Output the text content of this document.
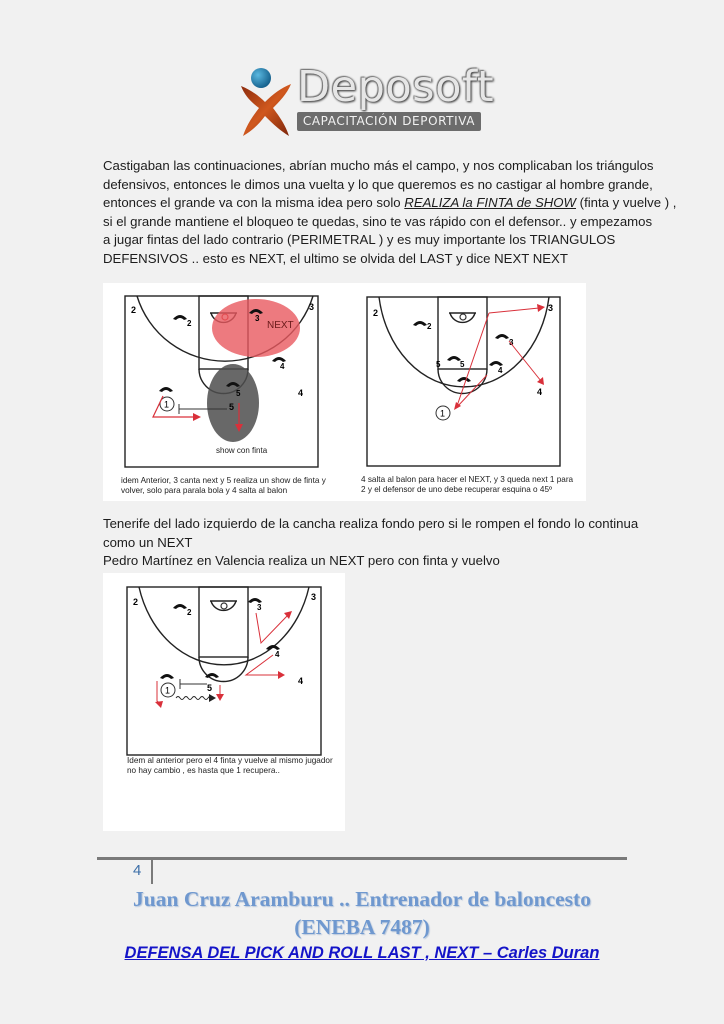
Deposoft
CAPACITACIÓN DEPORTIVA

Castigaban las continuaciones, abrían mucho más el campo, y nos complicaban los triángulos

defensivos, entonces le dimos una vuelta y lo que queremos es no castigar al hombre grande,

entonces el grande va con la misma idea pero solo REALIZA la FINTA de SHOW (finta y vuelve ) ,

si el grande mantiene el bloqueo te quedas, sino te vas rápido con el defensor.. y empezamos

a jugar fintas del lado contrario (PERIMETRAL ) y es muy importante los TRIANGULOS

DEFENSIVOS .. esto es NEXT, el ultimo se olvida del LAST y dice NEXT NEXT

2	3
2
3
4
5	4
5
NEXT
show con finta
1
idem Anterior, 3 canta next y 5 realiza un show de finta y
volver, solo para parala bola y 4 salta al balon
2	3
2
3
4
5
5
4
1
4 salta al balon para hacer el NEXT, y 3 queda next 1 para
2 y el defensor de uno debe recuperar esquina o 45º

Tenerife del lado izquierdo de la cancha realiza fondo pero si le rompen el fondo lo continua

como un NEXT

Pedro Martínez en Valencia realiza un NEXT pero con finta y vuelvo

2	3
2
3
4
5
4
1
Idem al anterior pero el 4 finta y vuelve al mismo jugador
no hay cambio , es hasta que 1 recupera..
4
Juan Cruz Aramburu .. Entrenador de baloncesto
(ENEBA 7487)
DEFENSA DEL PICK AND ROLL LAST , NEXT – Carles Duran
